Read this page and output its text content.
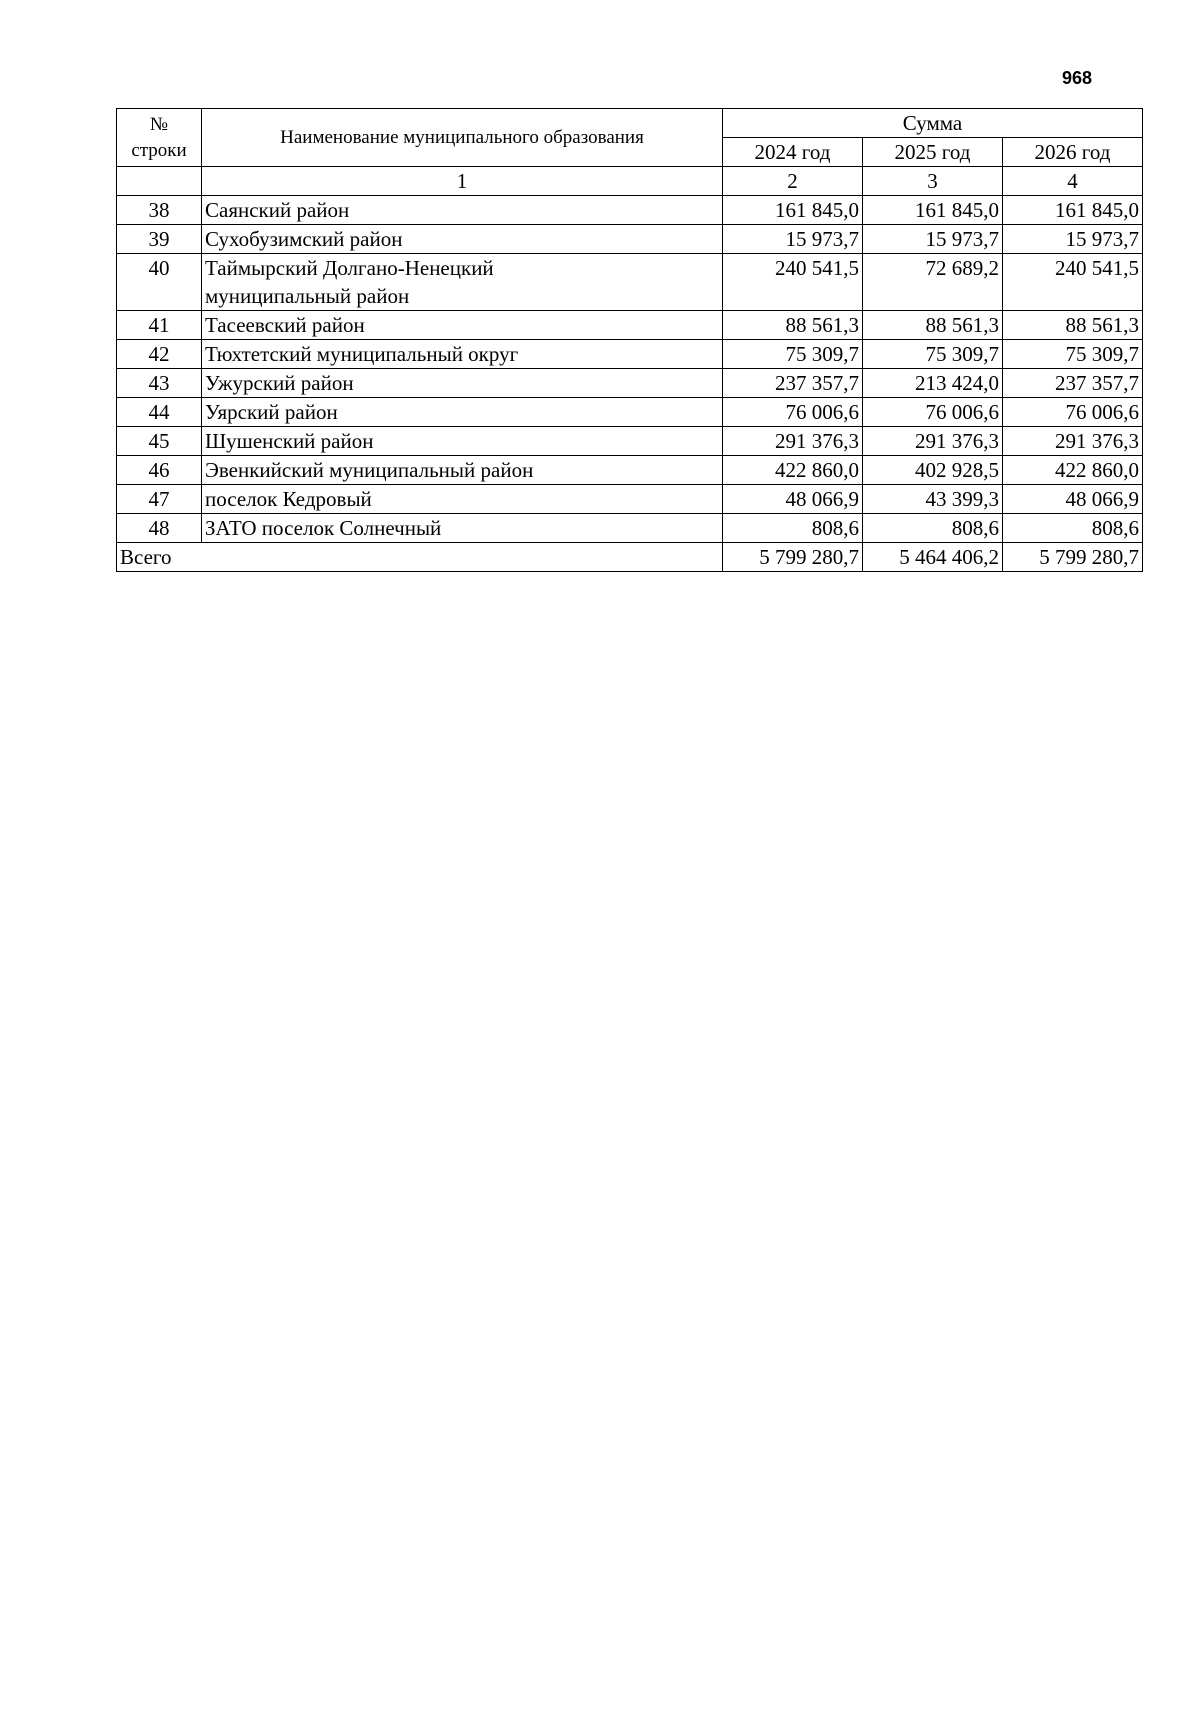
968
№
строки	Наименование муниципального образования	Сумма		
		2024 год	2025 год	2026 год
	1	2	3	4
38	Саянский район	161 845,0	161 845,0	161 845,0
39	Сухобузимский район	15 973,7	15 973,7	15 973,7
40	Таймырский Долгано-Ненецкий
муниципальный район	240 541,5	72 689,2	240 541,5
41	Тасеевский район	88 561,3	88 561,3	88 561,3
42	Тюхтетский муниципальный округ	75 309,7	75 309,7	75 309,7
43	Ужурский район	237 357,7	213 424,0	237 357,7
44	Уярский район	76 006,6	76 006,6	76 006,6
45	Шушенский район	291 376,3	291 376,3	291 376,3
46	Эвенкийский муниципальный район	422 860,0	402 928,5	422 860,0
47	поселок Кедровый	48 066,9	43 399,3	48 066,9
48	ЗАТО поселок Солнечный	808,6	808,6	808,6
Всего		5 799 280,7	5 464 406,2	5 799 280,7
